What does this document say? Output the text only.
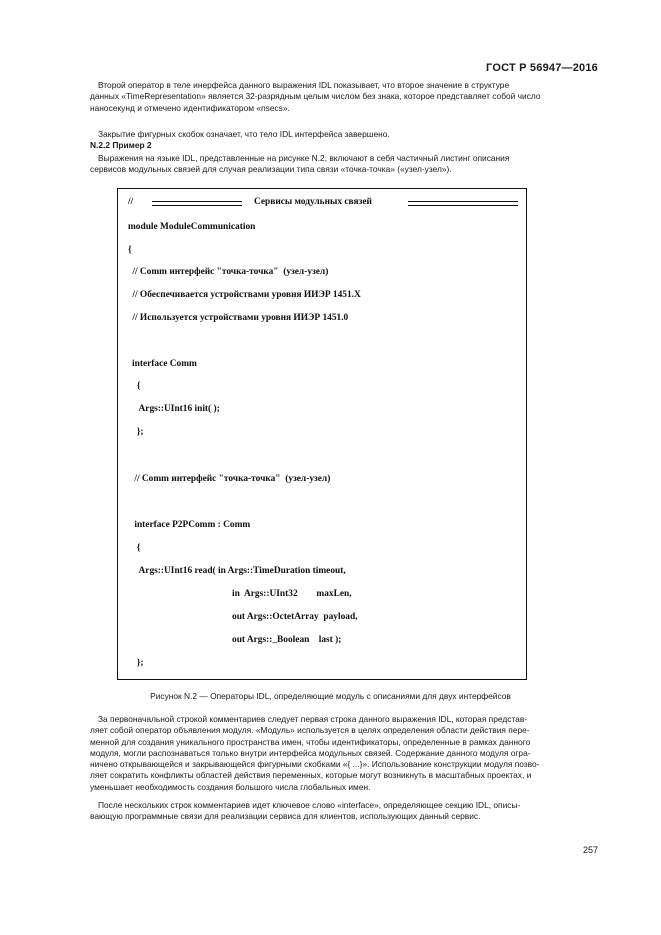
ГОСТ Р 56947—2016
Второй оператор в теле инерфейса данного выражения IDL показывает, что второе значение в структуре
данных «TimeRepresentation» является 32-разрядным целым числом без знака, которое представляет собой число
наносекунд и отмечено идентификатором «nsecs».
Закрытие фигурных скобок означает, что тело IDL интерфейса завершено.
N.2.2 Пример 2
Выражения на языке IDL, представленные на рисунке N.2, включают в себя частичный листинг описания
сервисов модульных связей для случая реализации типа связи «точка-точка» («узел-узел»).
//	Сервисы модульных связей
module ModuleCommunication
{
// Comm интерфейс "точка-точка"  (узел-узел)
// Обеспечивается устройствами уровня ИИЭР 1451.X
// Используется устройствами уровня ИИЭР 1451.0
interface Comm
{
Args::UInt16 init( );
};
// Comm интерфейс "точка-точка"  (узел-узел)
interface P2PComm : Comm
{
Args::UInt16 read( in Args::TimeDuration timeout,
in  Args::UInt32        maxLen,
out Args::OctetArray  payload,
out Args::_Boolean    last );
};
Рисунок N.2 — Операторы IDL, определяющие модуль с описаниями для двух интерфейсов
За первоначальной строкой комментариев следует первая строка данного выражения IDL, которая представ-
ляет собой оператор объявления модуля. «Модуль» используется в целях определения области действия пере-
менной для создания уникального пространства имен, чтобы идентификаторы, определенные в рамках данного
модуля, могли распознаваться только внутри интерфейса модульных связей. Содержание данного модуля огра-
ничено открывающейся и закрывающейся фигурными скобками «{ ...}». Использование конструкции модуля позво-
ляет сократить конфликты областей действия переменных, которые могут возникнуть в масштабных проектах, и
уменьшает необходимость создания большого числа глобальных имен.
После нескольких строк комментариев идет ключевое слово «interface», определяющее секцию IDL, описы-
вающую программные связи для реализации сервиса для клиентов, использующих данный сервис.
257
